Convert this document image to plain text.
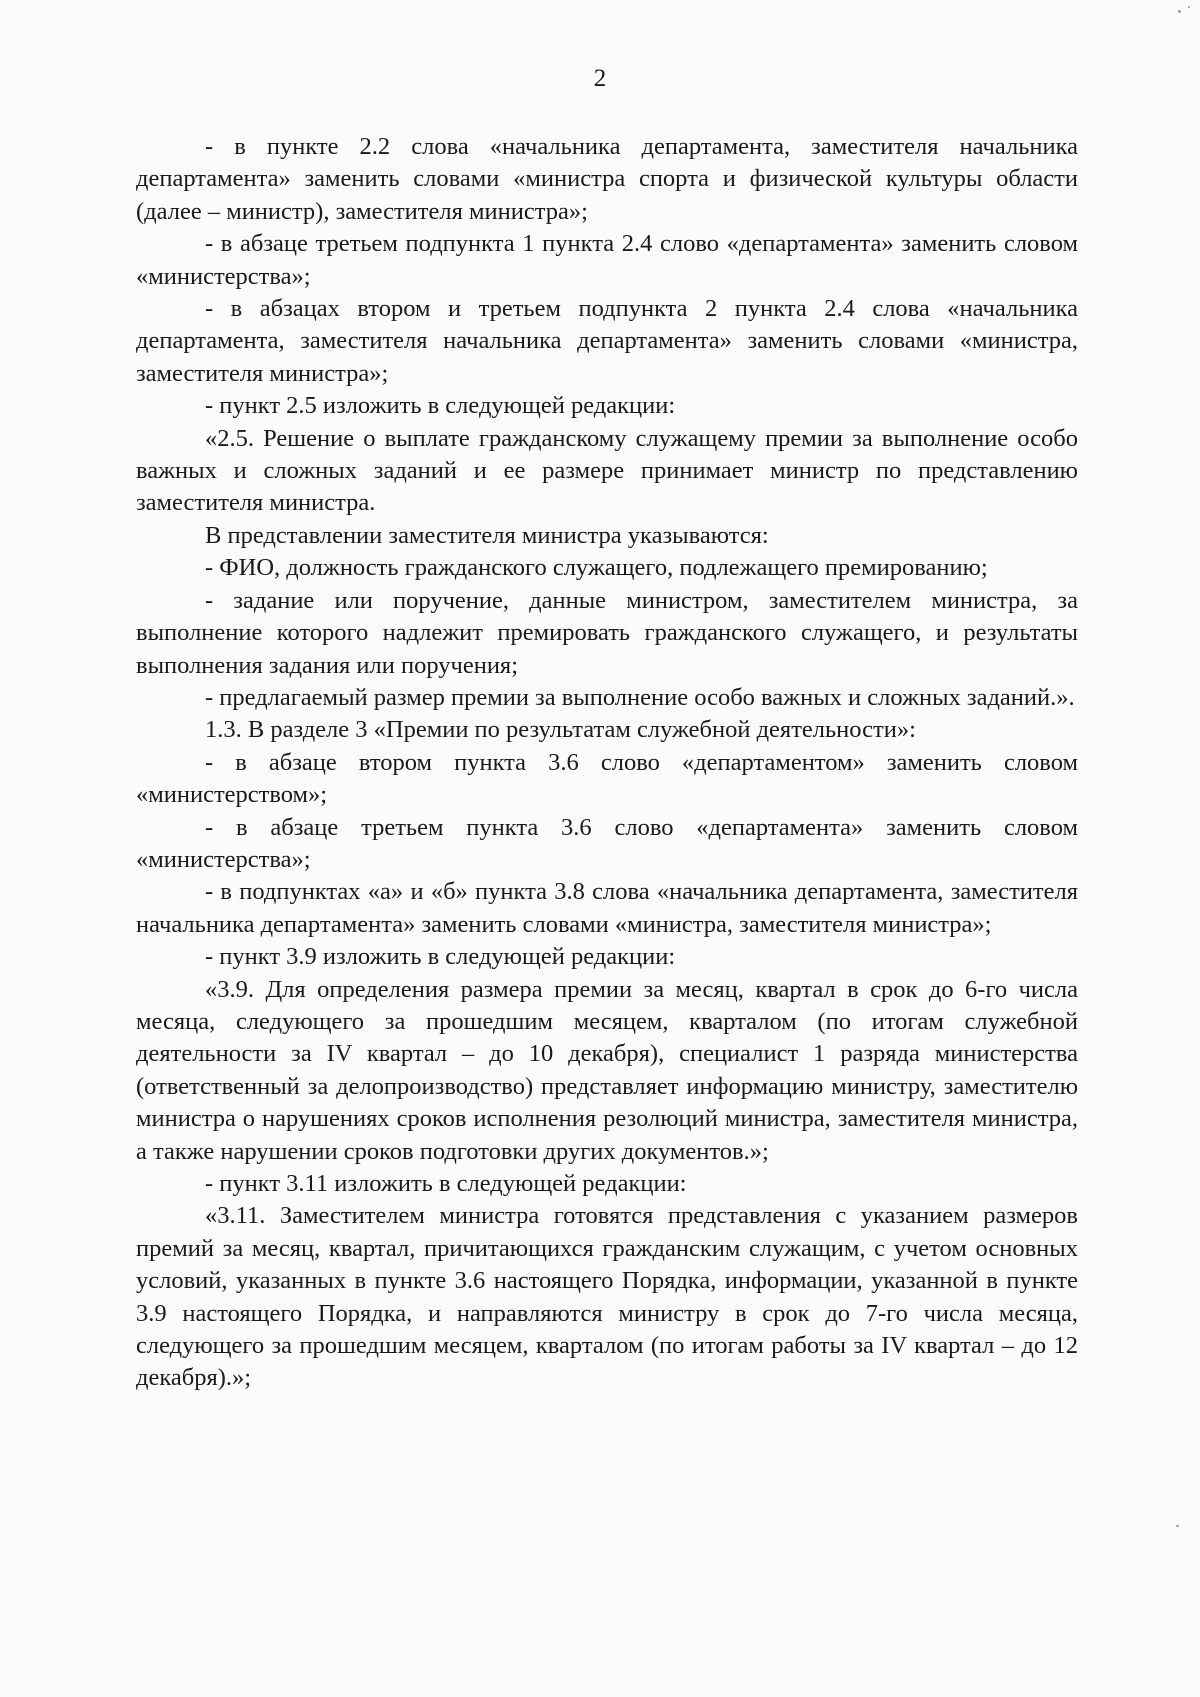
2

- в пункте 2.2 слова «начальника департамента, заместителя начальника департамента» заменить словами «министра спорта и физической культуры области (далее – министр), заместителя министра»;

- в абзаце третьем подпункта 1 пункта 2.4 слово «департамента» заменить словом «министерства»;

- в абзацах втором и третьем подпункта 2 пункта 2.4 слова «начальника департамента, заместителя начальника департамента» заменить словами «министра, заместителя министра»;

- пункт 2.5 изложить в следующей редакции:

«2.5. Решение о выплате гражданскому служащему премии за выполнение особо важных и сложных заданий и ее размере принимает министр по представлению заместителя министра.

В представлении заместителя министра указываются:

- ФИО, должность гражданского служащего, подлежащего премированию;

- задание или поручение, данные министром, заместителем министра, за выполнение которого надлежит премировать гражданского служащего, и результаты выполнения задания или поручения;

- предлагаемый размер премии за выполнение особо важных и сложных заданий.».

1.3. В разделе 3 «Премии по результатам служебной деятельности»:

- в абзаце втором пункта 3.6 слово «департаментом» заменить словом «министерством»;

- в абзаце третьем пункта 3.6 слово «департамента» заменить словом «министерства»;

- в подпунктах «а» и «б» пункта 3.8 слова «начальника департамента, заместителя начальника департамента» заменить словами «министра, заместителя министра»;

- пункт 3.9 изложить в следующей редакции:

«3.9. Для определения размера премии за месяц, квартал в срок до 6-го числа месяца, следующего за прошедшим месяцем, кварталом (по итогам служебной деятельности за IV квартал – до 10 декабря), специалист 1 разряда министерства (ответственный за делопроизводство) представляет информацию министру, заместителю министра о нарушениях сроков исполнения резолюций министра, заместителя министра, а также нарушении сроков подготовки других документов.»;

- пункт 3.11 изложить в следующей редакции:

«3.11. Заместителем министра готовятся представления с указанием размеров премий за месяц, квартал, причитающихся гражданским служащим, с учетом основных условий, указанных в пункте 3.6 настоящего Порядка, информации, указанной в пункте 3.9 настоящего Порядка, и направляются министру в срок до 7-го числа месяца, следующего за прошедшим месяцем, кварталом (по итогам работы за IV квартал – до 12 декабря).»;
